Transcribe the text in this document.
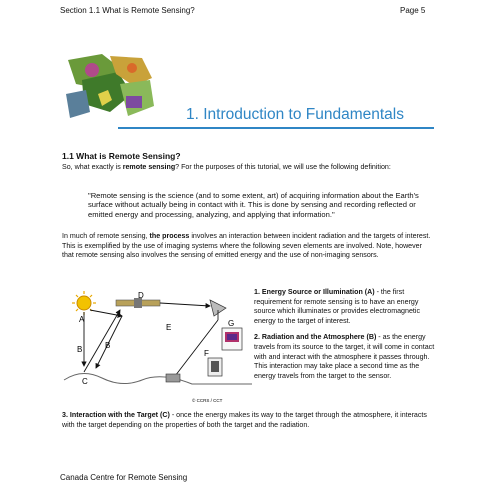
Section 1.1 What is Remote Sensing?	Page 5
1. Introduction to Fundamentals
1.1 What is Remote Sensing?
So, what exactly is remote sensing? For the purposes of this tutorial, we will use the following definition:
"Remote sensing is the science (and to some extent, art) of acquiring information about the Earth's surface without actually being in contact with it. This is done by sensing and recording reflected or emitted energy and processing, analyzing, and applying that information."
In much of remote sensing, the process involves an interaction between incident radiation and the targets of interest. This is exemplified by the use of imaging systems where the following seven elements are involved. Note, however that remote sensing also involves the sensing of emitted energy and the use of non-imaging sensors.
A
B	B
C
D
E
F
G
© CCRS / CCT
1. Energy Source or Illumination (A) - the first requirement for remote sensing is to have an energy source which illuminates or provides electromagnetic energy to the target of interest.
2. Radiation and the Atmosphere (B) - as the energy travels from its source to the target, it will come in contact with and interact with the atmosphere it passes through. This interaction may take place a second time as the energy travels from the target to the sensor.
3. Interaction with the Target (C) - once the energy makes its way to the target through the atmosphere, it interacts with the target depending on the properties of both the target and the radiation.
Canada Centre for Remote Sensing
